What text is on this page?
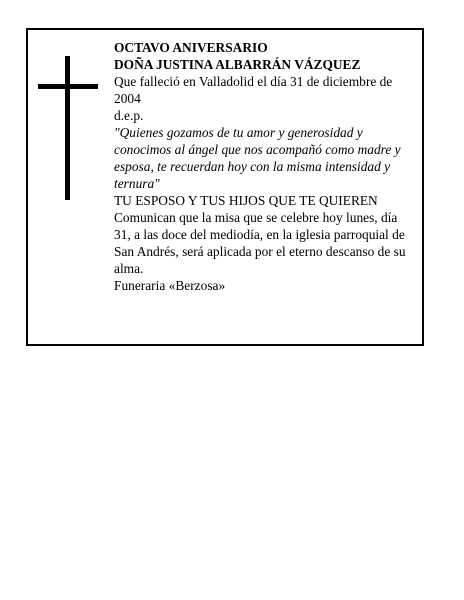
OCTAVO ANIVERSARIO

DOÑA JUSTINA ALBARRÁN VÁZQUEZ

Que falleció en Valladolid el día 31 de diciembre de 2004

d.e.p.

"Quienes gozamos de tu amor y generosidad y conocimos al ángel que nos acompañó como madre y esposa, te recuerdan hoy con la misma intensidad y ternura"

TU ESPOSO Y TUS HIJOS QUE TE QUIEREN

Comunican que la misa que se celebre hoy lunes, día 31, a las doce del mediodía, en la iglesia parroquial de San Andrés, será aplicada por el eterno descanso de su alma.

Funeraria «Berzosa»
